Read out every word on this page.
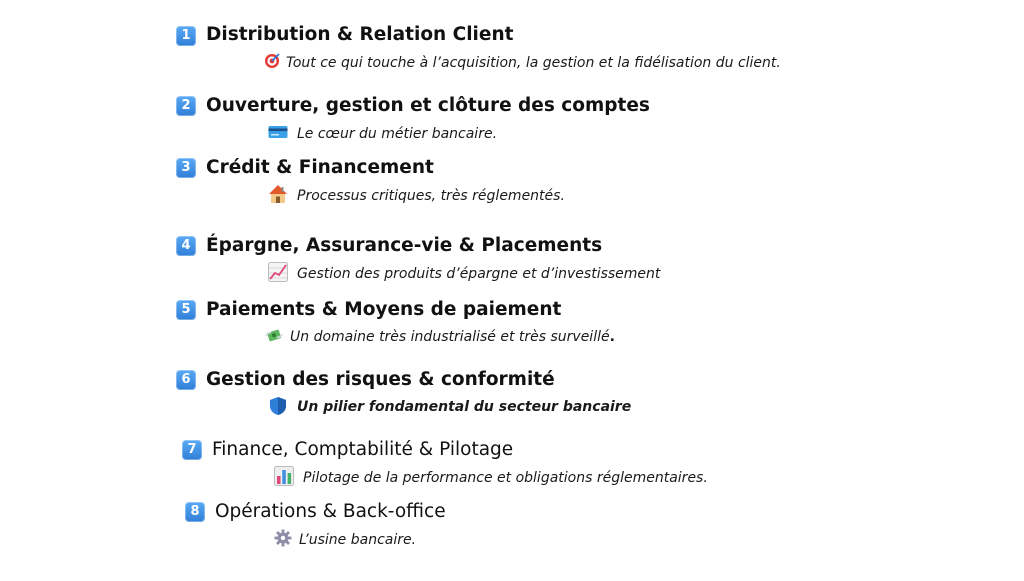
1 Distribution & Relation Client
Tout ce qui touche à l’acquisition, la gestion et la fidélisation du client.
2 Ouverture, gestion et clôture des comptes
Le cœur du métier bancaire.
3 Crédit & Financement
Processus critiques, très réglementés.
4 Épargne, Assurance-vie & Placements
Gestion des produits d’épargne et d’investissement
5 Paiements & Moyens de paiement
Un domaine très industrialisé et très surveillé.
6 Gestion des risques & conformité
Un pilier fondamental du secteur bancaire
7 Finance, Comptabilité & Pilotage
Pilotage de la performance et obligations réglementaires.
8 Opérations & Back-office
L’usine bancaire.
